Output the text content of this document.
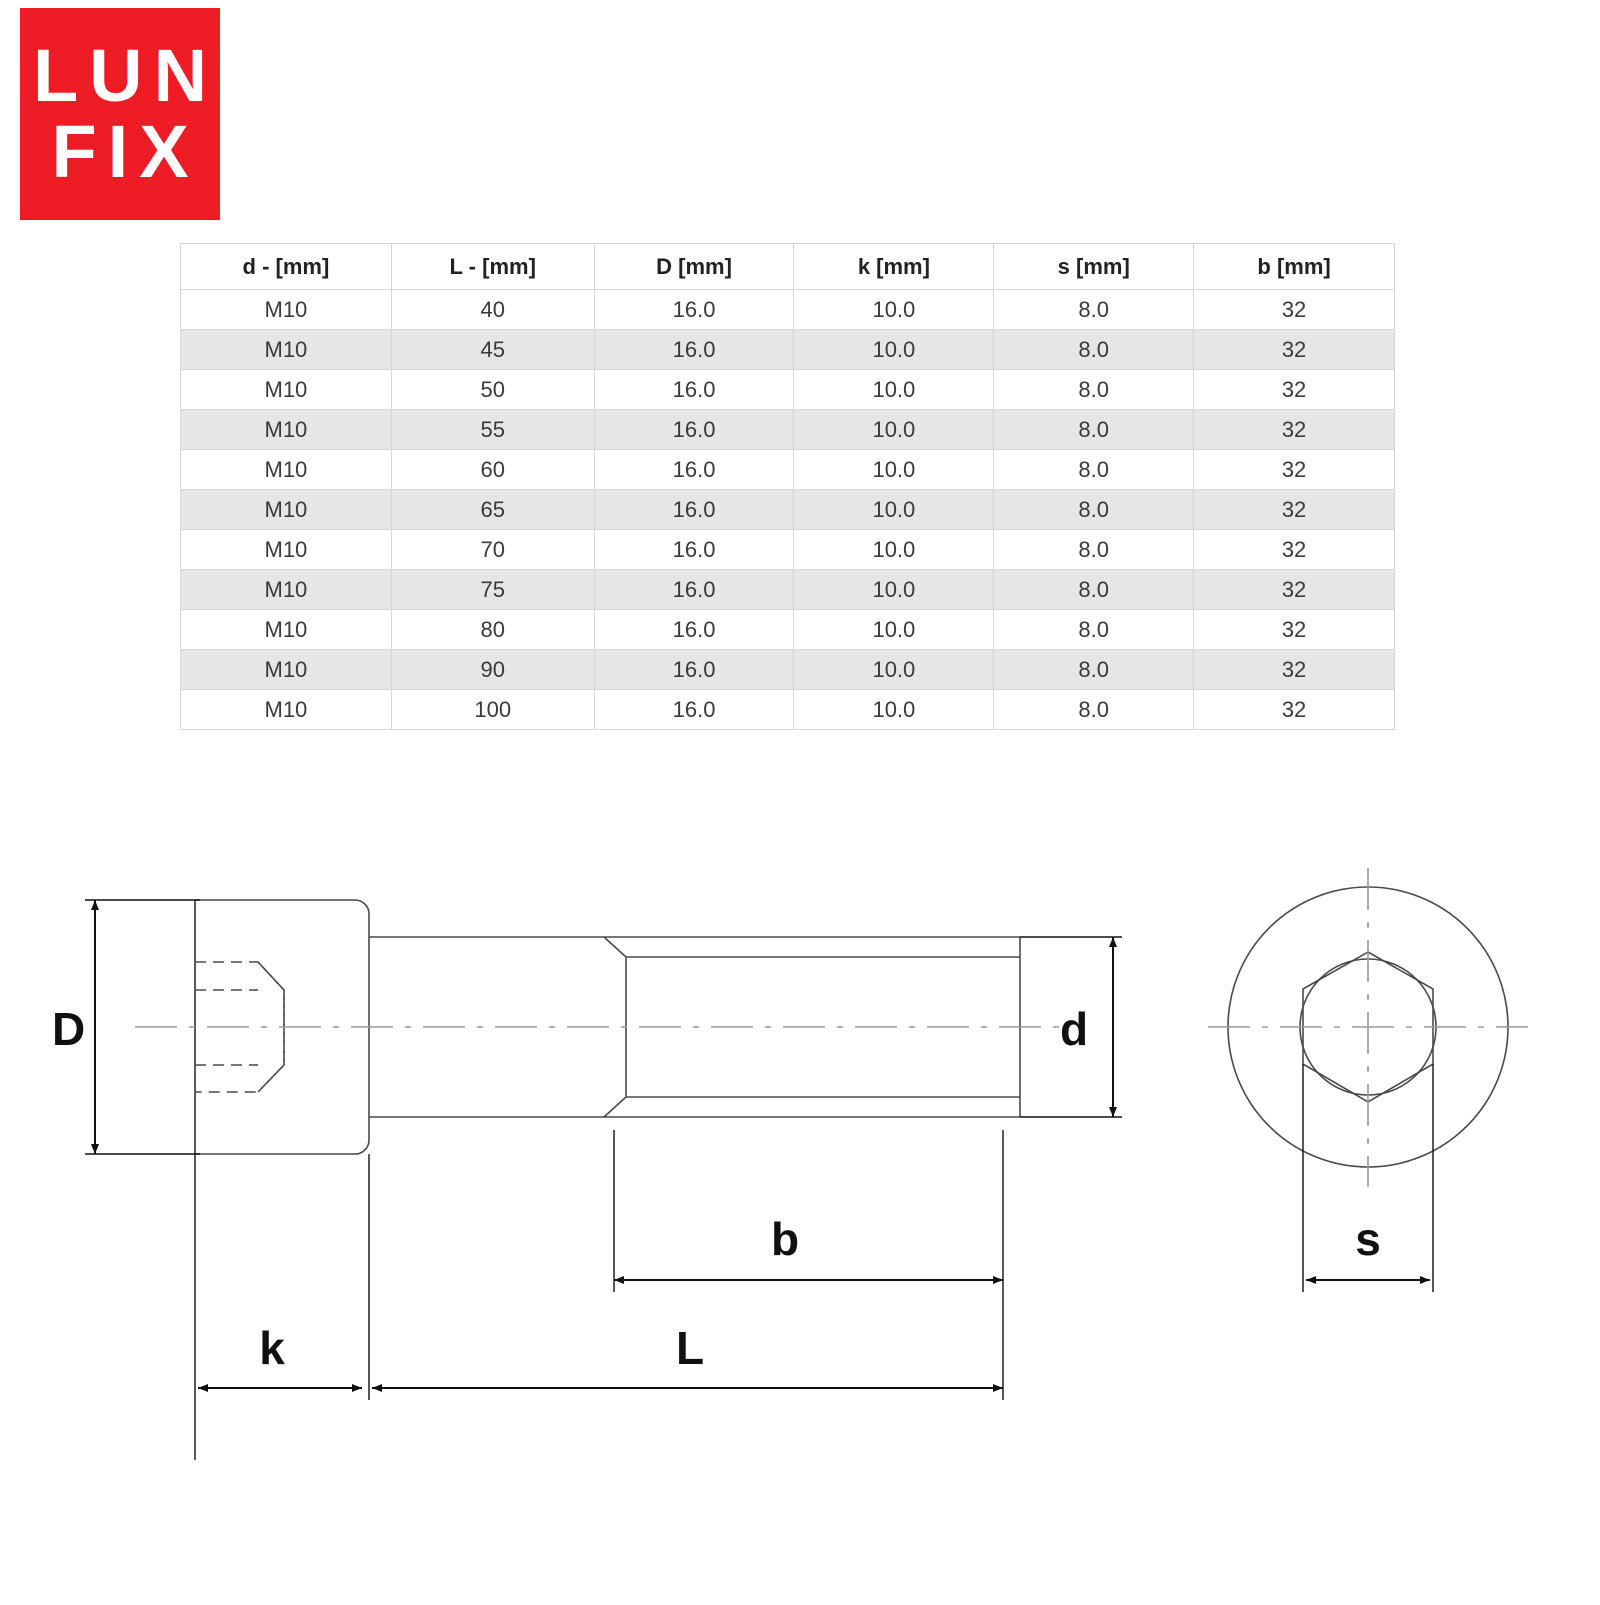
LUN
FIX
d - [mm]	L - [mm]	D [mm]	k [mm]	s [mm]	b [mm]
M10	40	16.0	10.0	8.0	32
M10	45	16.0	10.0	8.0	32
M10	50	16.0	10.0	8.0	32
M10	55	16.0	10.0	8.0	32
M10	60	16.0	10.0	8.0	32
M10	65	16.0	10.0	8.0	32
M10	70	16.0	10.0	8.0	32
M10	75	16.0	10.0	8.0	32
M10	80	16.0	10.0	8.0	32
M10	90	16.0	10.0	8.0	32
M10	100	16.0	10.0	8.0	32
D	d
b
L
k
s
